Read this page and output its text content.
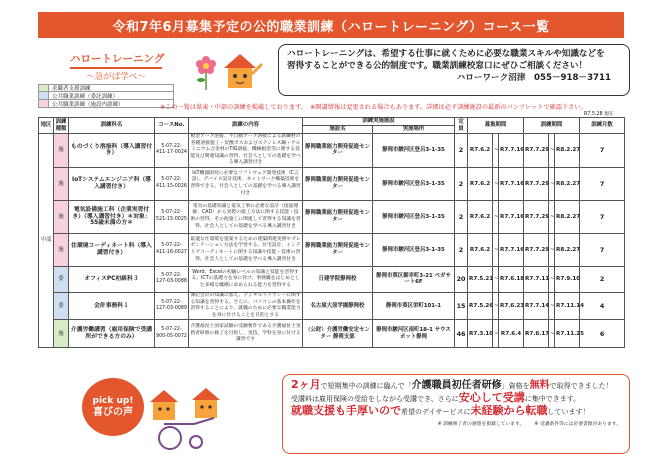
令和7年6月募集予定の公的職業訓練（ハロートレーニング）コース一覧
ハロートレーニング
～急がば学べ～
ハロートレーニングは、希望する仕事に就くために必要な職業スキルや知識などを
習得することができる公的制度です。職業訓練校窓口にぜひご相談ください！
ハローワーク沼津　055－918－3711
求職者支援訓練
公共職業訓練（委託訓練）
公共職業訓練（施設内訓練）	※この一覧は県東・中部の訓練を掲載しております。　※開講情報は変更される場合もあります。詳細は必ず訓練施設の最新のパンフレットで確認下さい。
R7.5.28 現在
地区	訓練種類	訓練科名	コースNo.	訓練の内容	訓練実施施設		定員	募集期間			訓練期間			訓練月数
					施設名	実施場所								
中部	施	ものづくり溶接科（導入講習付き）	5-07-22-411-17-0024	板金アーク溶接、半自動アーク溶接による鉄鋼材の各種溶接施工・炭酸ガスおよびステンレス鋼・アルミニウム合金材のTIG溶接、機械板金等に関する技能及び関連知識の習得、社会人としての基礎を学べる導入講習付き	静岡職業能力開発促進センター	静岡市駿河区登呂3-1-35	2	R7.6.2	~	R7.7.16	R7.7.29	~	R8.2.27	7
	施	IoTシステムエンジニア科（導入講習付き）	5-07-22-411-15-0026	IoT機器開発に必要なソフトウェア開発技術（C言語）、デバイス設計技術、ネットワーク構築技術を習得できる。社会人としての基礎を学べる導入講習付き	静岡職業能力開発促進センター	静岡市駿河区登呂3-1-35	2	R7.6.2	~	R7.7.16	R7.7.29	~	R8.2.27	7
	施	電気設備施工科（企業実習付き）（導入講習付き）＊対象：55歳未満の方＊	5-07-22-521-15-0025	電気の基礎知識と電気工事に必要な設計（図面理解、CAD）から実際の施工方法に関する技能・技術の習得。その他施工に関連して習得する知識を習得。社会人としての基礎を学べる導入講習付き	静岡職業能力開発促進センター	静岡市駿河区登呂3-1-35	2	R7.6.2	~	R7.7.16	R7.7.29	~	R8.2.27	7
	施	住環境コーディネート科（導入講習付き）	5-07-22-411-16-0027	最適な住環境を提案するための建築関連実務やプレゼンテーション方法を学習する。住宅設計、インテリアコーディネートに関する知識や技能・技術の習得。社会人としての基礎を学べる導入講習付き	静岡職業能力開発促進センター	静岡市駿河区登呂3-1-35	2	R7.6.2	~	R7.7.16	R7.7.29	~	R8.2.27	7
	委	オフィスPC初級科３	5-07-22-127-03-0088	Word、Excelの初級レベルの知識と技能を習得する。ICTの基礎力を身に付け、事務職をはじめとした多様な職種に求められる能力を習得する	日建学院静岡校	静岡市葵区御幸町3-21 ペガサート6F	20	R7.5.21	~	R7.6.18	R7.7.11	~	R7.9.10	2
	委	会計事務科１	5-07-22-127-03-0089	簿記会計の知識に加え、デジタルリテラシーに関する知識を習得する。さらに、パソコンの基本操作を習得することにより、就職のために必要な職業能力を身に付けることを目的とする	名古屋大原学園静岡校	静岡市葵区栄町101-1	15	R7.5.26	~	R7.6.23	R7.7.14	~	R7.11.14	4
	施	介護労働講習（雇用保険で受講所ができる方のみ）	5-07-22-900-05-0072	介護福祉士国家試験の受験要件である介護福祉士実務者研修の修了を目指し、実技、学科を身に付ける講習です	（公財）介護労働安定センター 静岡支部	静岡市駿河区南町18-1 サウスポット静岡	46	R7.3.10	~	R7.6.4	R7.6.17	~	R7.11.25	6
pick up!
喜びの声
2ヶ月で短期集中の訓練に臨んで「介護職員初任者研修」資格を無料で取得できました！
受講料は雇用保険の受給をしながら受講でき、さらに安心して受講に集中できます。
就職支援も手厚いので希望のデイサービスに未経験から転職しています！
※ 訓練修了者の感想を掲載しています。 ※ 受講条件等には必要書類があります。
